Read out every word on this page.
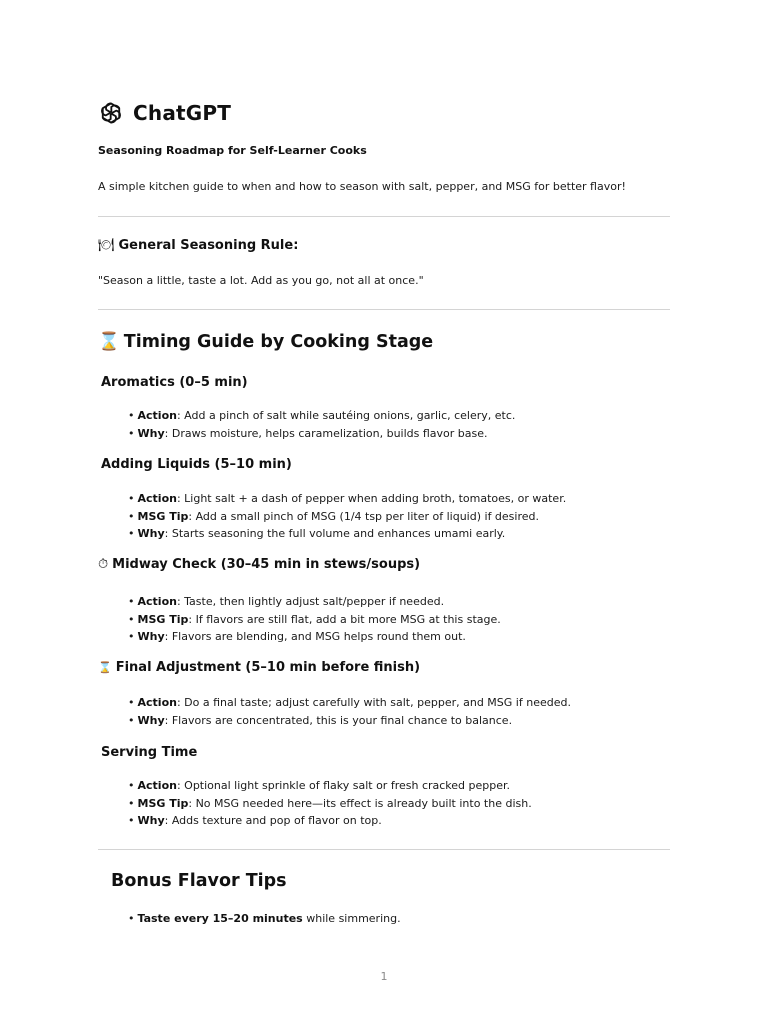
ChatGPT
Seasoning Roadmap for Self-Learner Cooks
A simple kitchen guide to when and how to season with salt, pepper, and MSG for better flavor!
🍽 General Seasoning Rule:
"Season a little, taste a lot. Add as you go, not all at once."
⌛ Timing Guide by Cooking Stage
Aromatics (0–5 min)
• Action: Add a pinch of salt while sautéing onions, garlic, celery, etc.
• Why: Draws moisture, helps caramelization, builds flavor base.
Adding Liquids (5–10 min)
• Action: Light salt + a dash of pepper when adding broth, tomatoes, or water.
• MSG Tip: Add a small pinch of MSG (1/4 tsp per liter of liquid) if desired.
• Why: Starts seasoning the full volume and enhances umami early.
⏱ Midway Check (30–45 min in stews/soups)
• Action: Taste, then lightly adjust salt/pepper if needed.
• MSG Tip: If flavors are still flat, add a bit more MSG at this stage.
• Why: Flavors are blending, and MSG helps round them out.
⌛ Final Adjustment (5–10 min before finish)
• Action: Do a final taste; adjust carefully with salt, pepper, and MSG if needed.
• Why: Flavors are concentrated, this is your final chance to balance.
Serving Time
• Action: Optional light sprinkle of flaky salt or fresh cracked pepper.
• MSG Tip: No MSG needed here—its effect is already built into the dish.
• Why: Adds texture and pop of flavor on top.
Bonus Flavor Tips
• Taste every 15–20 minutes while simmering.
1
